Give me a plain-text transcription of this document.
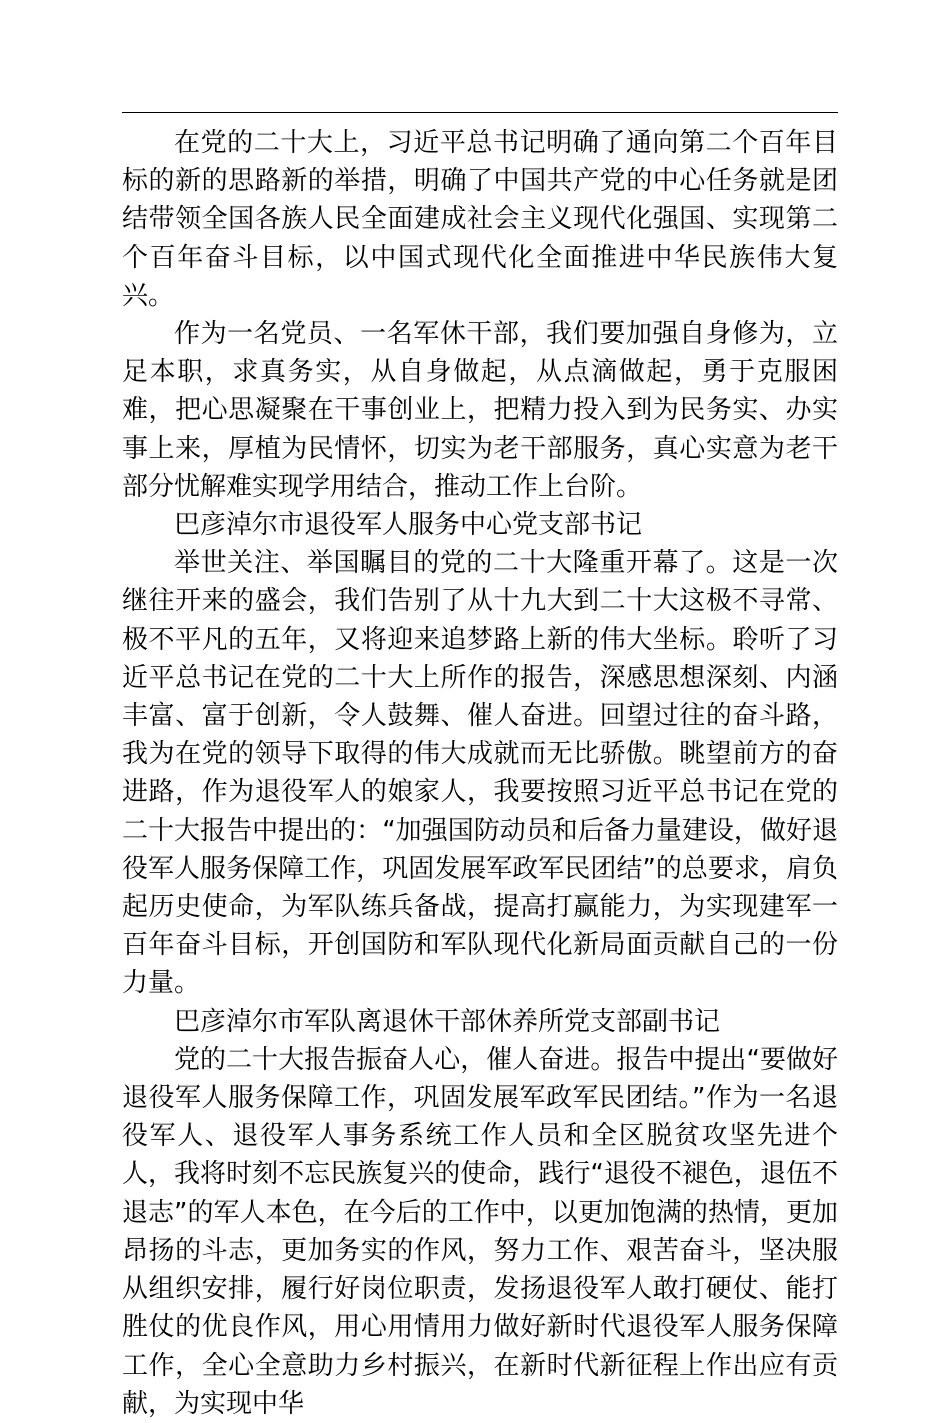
在党的二十大上，习近平总书记明确了通向第二个百年目标的新的思路新的举措，明确了中国共产党的中心任务就是团结带领全国各族人民全面建成社会主义现代化强国、实现第二个百年奋斗目标，以中国式现代化全面推进中华民族伟大复兴。

作为一名党员、一名军休干部，我们要加强自身修为，立足本职，求真务实，从自身做起，从点滴做起，勇于克服困难，把心思凝聚在干事创业上，把精力投入到为民务实、办实事上来，厚植为民情怀，切实为老干部服务，真心实意为老干部分忧解难实现学用结合，推动工作上台阶。

巴彦淖尔市退役军人服务中心党支部书记

举世关注、举国瞩目的党的二十大隆重开幕了。这是一次继往开来的盛会，我们告别了从十九大到二十大这极不寻常、极不平凡的五年，又将迎来追梦路上新的伟大坐标。聆听了习近平总书记在党的二十大上所作的报告，深感思想深刻、内涵丰富、富于创新，令人鼓舞、催人奋进。回望过往的奋斗路，我为在党的领导下取得的伟大成就而无比骄傲。眺望前方的奋进路，作为退役军人的娘家人，我要按照习近平总书记在党的二十大报告中提出的：“加强国防动员和后备力量建设，做好退役军人服务保障工作，巩固发展军政军民团结”的总要求，肩负起历史使命，为军队练兵备战，提高打赢能力，为实现建军一百年奋斗目标，开创国防和军队现代化新局面贡献自己的一份力量。

巴彦淖尔市军队离退休干部休养所党支部副书记

党的二十大报告振奋人心，催人奋进。报告中提出“要做好退役军人服务保障工作，巩固发展军政军民团结。”作为一名退役军人、退役军人事务系统工作人员和全区脱贫攻坚先进个人，我将时刻不忘民族复兴的使命，践行“退役不褪色，退伍不退志”的军人本色，在今后的工作中，以更加饱满的热情，更加昂扬的斗志，更加务实的作风，努力工作、艰苦奋斗，坚决服从组织安排，履行好岗位职责，发扬退役军人敢打硬仗、能打胜仗的优良作风，用心用情用力做好新时代退役军人服务保障工作，全心全意助力乡村振兴，在新时代新征程上作出应有贡献，为实现中华
